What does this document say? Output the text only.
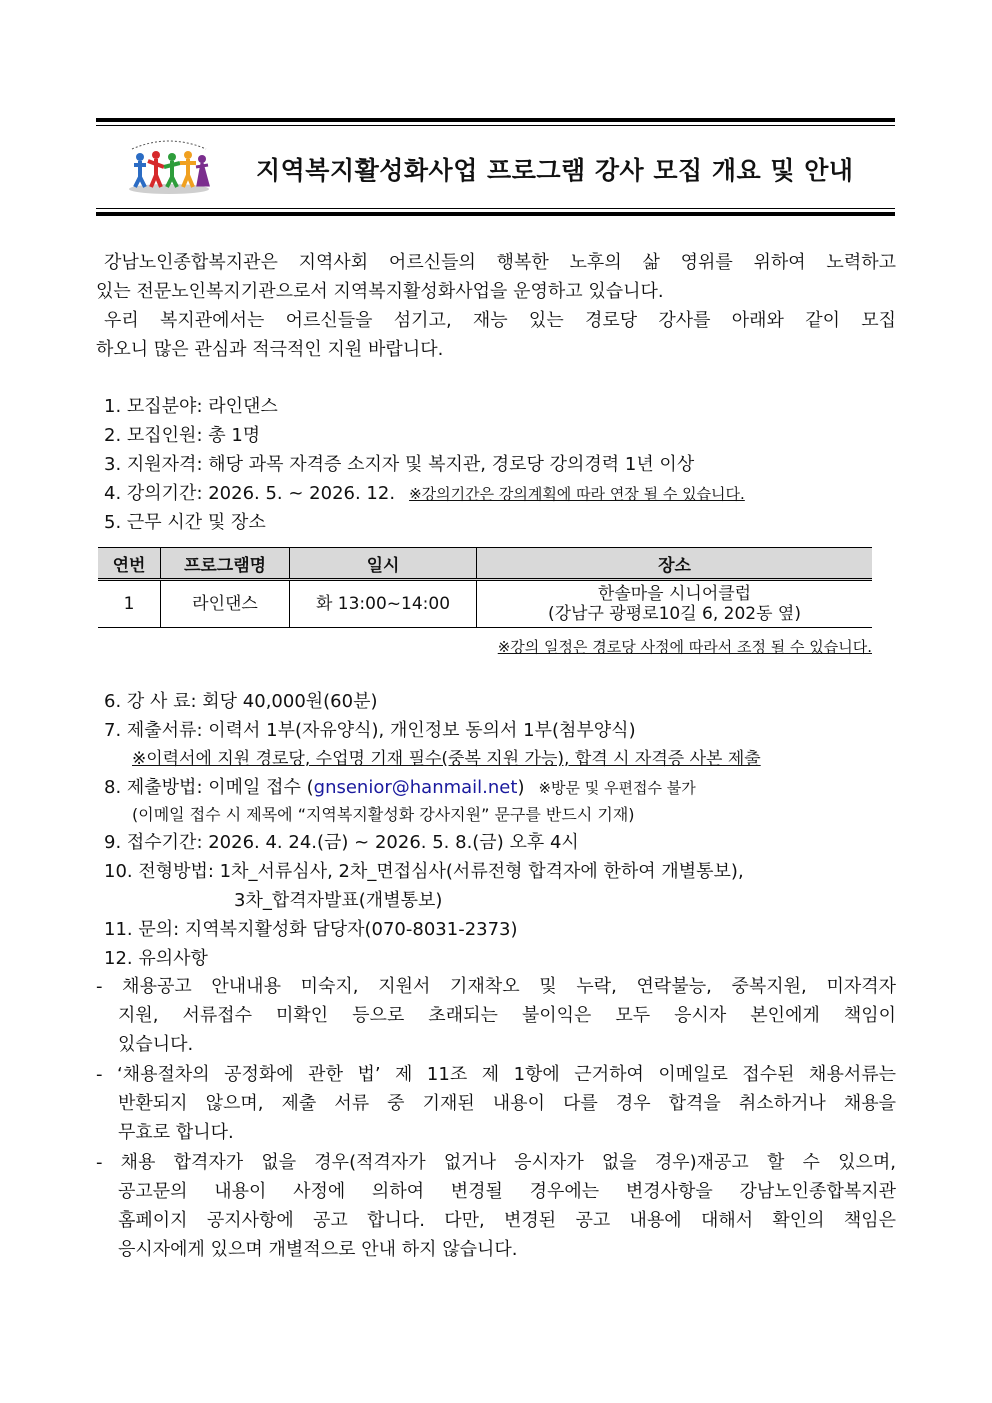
지역복지활성화사업 프로그램 강사 모집 개요 및 안내
강남노인종합복지관은 지역사회 어르신들의 행복한 노후의 삶 영위를 위하여 노력하고
있는 전문노인복지기관으로서 지역복지활성화사업을 운영하고 있습니다.
우리 복지관에서는 어르신들을 섬기고, 재능 있는 경로당 강사를 아래와 같이 모집
하오니 많은 관심과 적극적인 지원 바랍니다.
1. 모집분야: 라인댄스
2. 모집인원: 총 1명
3. 지원자격: 해당 과목 자격증 소지자 및 복지관, 경로당 강의경력 1년 이상
4. 강의기간: 2026. 5. ~ 2026. 12. ※강의기간은 강의계획에 따라 연장 될 수 있습니다.
5. 근무 시간 및 장소
연번	프로그램명	일시	장소
1	라인댄스	화 13:00~14:00	한솔마을 시니어클럽
(강남구 광평로10길 6, 202동 옆)
※강의 일정은 경로당 사정에 따라서 조정 될 수 있습니다.
6. 강 사 료: 회당 40,000원(60분)
7. 제출서류: 이력서 1부(자유양식), 개인정보 동의서 1부(첨부양식)
※이력서에 지원 경로당, 수업명 기재 필수(중복 지원 가능), 합격 시 자격증 사본 제출
8. 제출방법: 이메일 접수 (gnsenior@hanmail.net) ※방문 및 우편접수 불가
(이메일 접수 시 제목에 “지역복지활성화 강사지원” 문구를 반드시 기재)
9. 접수기간: 2026. 4. 24.(금) ~ 2026. 5. 8.(금) 오후 4시
10. 전형방법: 1차_서류심사, 2차_면접심사(서류전형 합격자에 한하여 개별통보),
3차_합격자발표(개별통보)
11. 문의: 지역복지활성화 담당자(070-8031-2373)
12. 유의사항
- 채용공고 안내내용 미숙지, 지원서 기재착오 및 누락, 연락불능, 중복지원, 미자격자
지원, 서류접수 미확인 등으로 초래되는 불이익은 모두 응시자 본인에게 책임이
있습니다.
- ‘채용절차의 공정화에 관한 법’ 제 11조 제 1항에 근거하여 이메일로 접수된 채용서류는
반환되지 않으며, 제출 서류 중 기재된 내용이 다를 경우 합격을 취소하거나 채용을
무효로 합니다.
- 채용 합격자가 없을 경우(적격자가 없거나 응시자가 없을 경우)재공고 할 수 있으며,
공고문의 내용이 사정에 의하여 변경될 경우에는 변경사항을 강남노인종합복지관
홈페이지 공지사항에 공고 합니다. 다만, 변경된 공고 내용에 대해서 확인의 책임은
응시자에게 있으며 개별적으로 안내 하지 않습니다.
